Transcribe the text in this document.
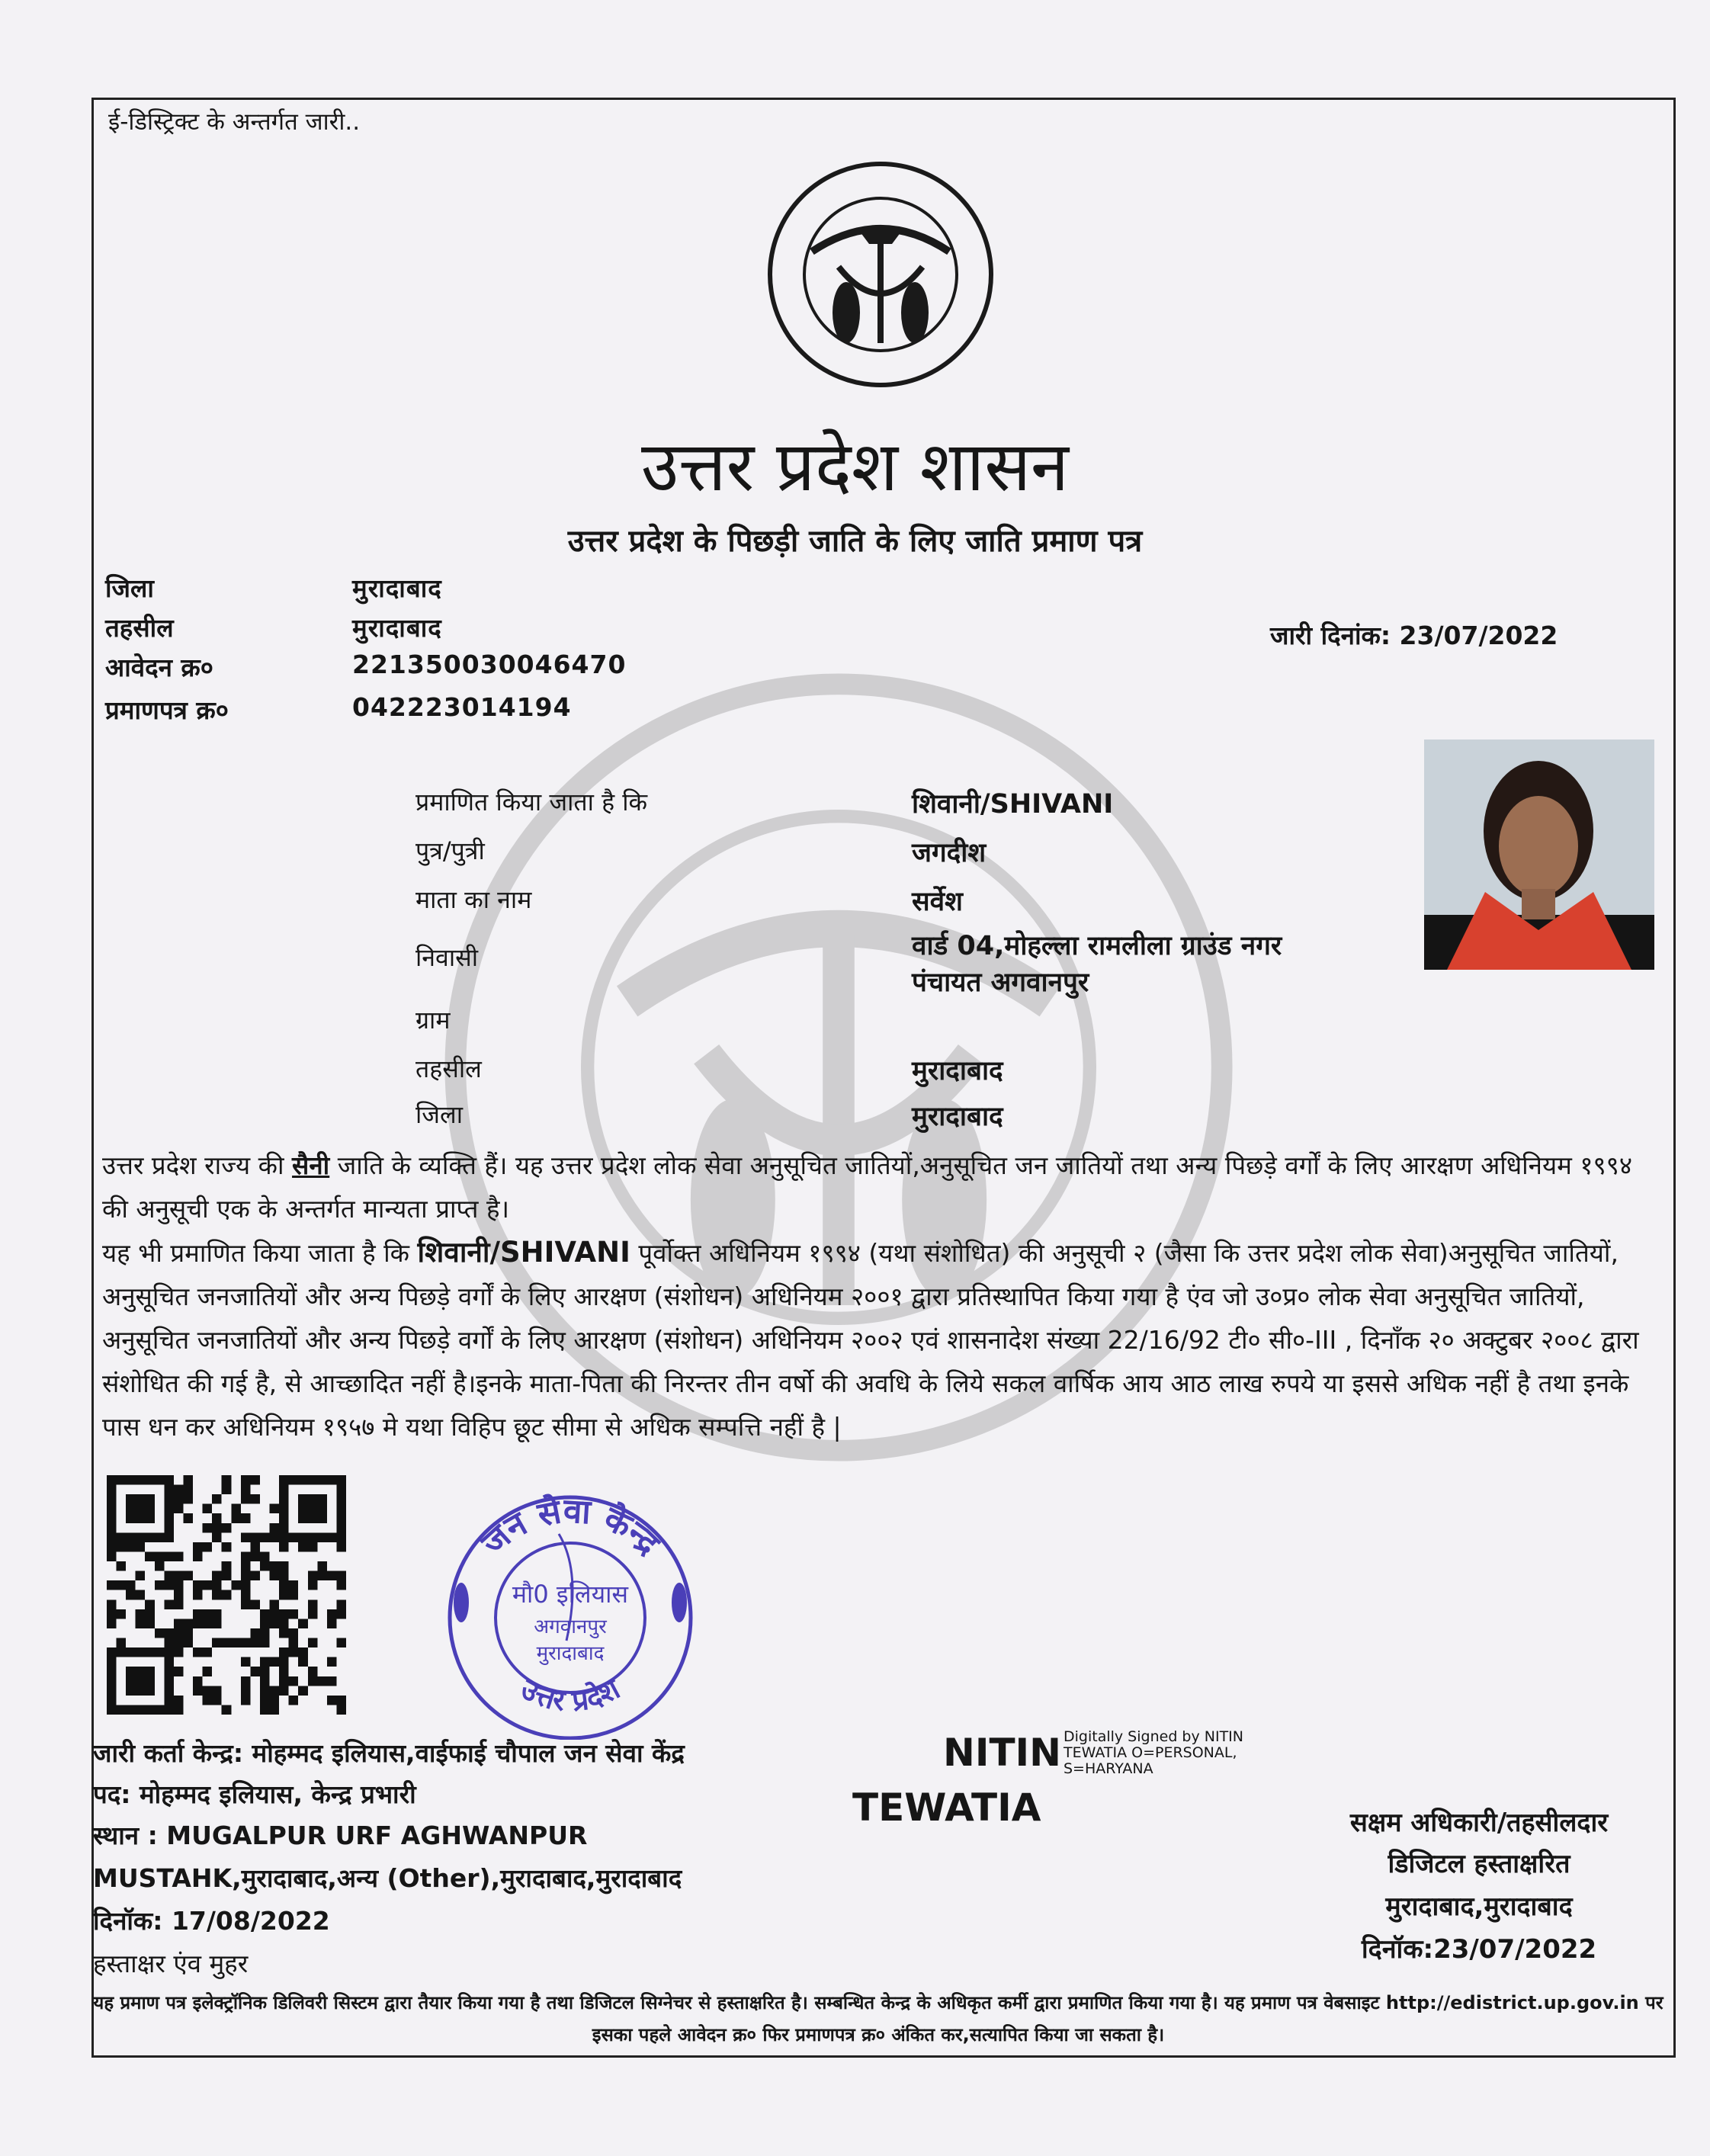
ई-डिस्ट्रिक्ट के अन्तर्गत जारी..
उत्तर प्रदेश शासन
उत्तर प्रदेश के पिछड़ी जाति के लिए जाति प्रमाण पत्र
जिला	मुरादाबाद
तहसील	मुरादाबाद
आवेदन क्र०	221350030046470
प्रमाणपत्र क्र०	042223014194
जारी दिनांक: 23/07/2022
प्रमाणित किया जाता है कि	शिवानी/SHIVANI
पुत्र/पुत्री	जगदीश
माता का नाम	सर्वेश
निवासी	वार्ड 04,मोहल्ला रामलीला ग्राउंड नगर
पंचायत अगवानपुर
ग्राम
तहसील	मुरादाबाद
जिला	मुरादाबाद

उत्तर प्रदेश राज्य की सैनी जाति के व्यक्ति हैं। यह उत्तर प्रदेश लोक सेवा अनुसूचित जातियों,अनुसूचित जन जातियों तथा अन्य पिछड़े वर्गों के लिए आरक्षण अधिनियम १९९४ की अनुसूची एक के अन्तर्गत मान्यता प्राप्त है।

यह भी प्रमाणित किया जाता है कि शिवानी/SHIVANI पूर्वोक्त अधिनियम १९९४ (यथा संशोधित) की अनुसूची २ (जैसा कि उत्तर प्रदेश लोक सेवा)अनुसूचित जातियों, अनुसूचित जनजातियों और अन्य पिछड़े वर्गों के लिए आरक्षण (संशोधन) अधिनियम २००१ द्वारा प्रतिस्थापित किया गया है एंव जो उ०प्र० लोक सेवा अनुसूचित जातियों, अनुसूचित जनजातियों और अन्य पिछड़े वर्गों के लिए आरक्षण (संशोधन) अधिनियम २००२ एवं शासनादेश संख्या 22/16/92 टी० सी०-III , दिनाँक २० अक्टुबर २००८ द्वारा संशोधित की गई है, से आच्छादित नहीं है।इनके माता-पिता की निरन्तर तीन वर्षो की अवधि के लिये सकल वार्षिक आय आठ लाख रुपये या इससे अधिक नहीं है तथा इनके पास धन कर अधिनियम १९५७ मे यथा विहिप छूट सीमा से अधिक सम्पत्ति नहीं है |

जन सेवा केन्द्र
उत्तर प्रदेश
मौ0 इलियास
अगवानपुर
मुरादाबाद
जारी कर्ता केन्द्र: मोहम्मद इलियास,वाईफाई चौपाल जन सेवा केंद्र
पद: मोहम्मद इलियास, केन्द्र प्रभारी
स्थान : MUGALPUR URF AGHWANPUR
MUSTAHK,मुरादाबाद,अन्य (Other),मुरादाबाद,मुरादाबाद
दिनॉक: 17/08/2022
हस्ताक्षर एंव मुहर
NITIN
TEWATIA
Digitally Signed by NITIN
TEWATIA O=PERSONAL,
S=HARYANA
सक्षम अधिकारी/तहसीलदार
डिजिटल हस्ताक्षरित
मुरादाबाद,मुरादाबाद
दिनॉक:23/07/2022
यह प्रमाण पत्र इलेक्ट्रॉनिक डिलिवरी सिस्टम द्वारा तैयार किया गया है तथा डिजिटल सिग्नेचर से हस्ताक्षरित है। सम्बन्धित केन्द्र के अधिकृत कर्मी द्वारा प्रमाणित किया गया है। यह प्रमाण पत्र वेबसाइट http://edistrict.up.gov.in पर इसका पहले आवेदन क्र० फिर प्रमाणपत्र क्र० अंकित कर,सत्यापित किया जा सकता है।
